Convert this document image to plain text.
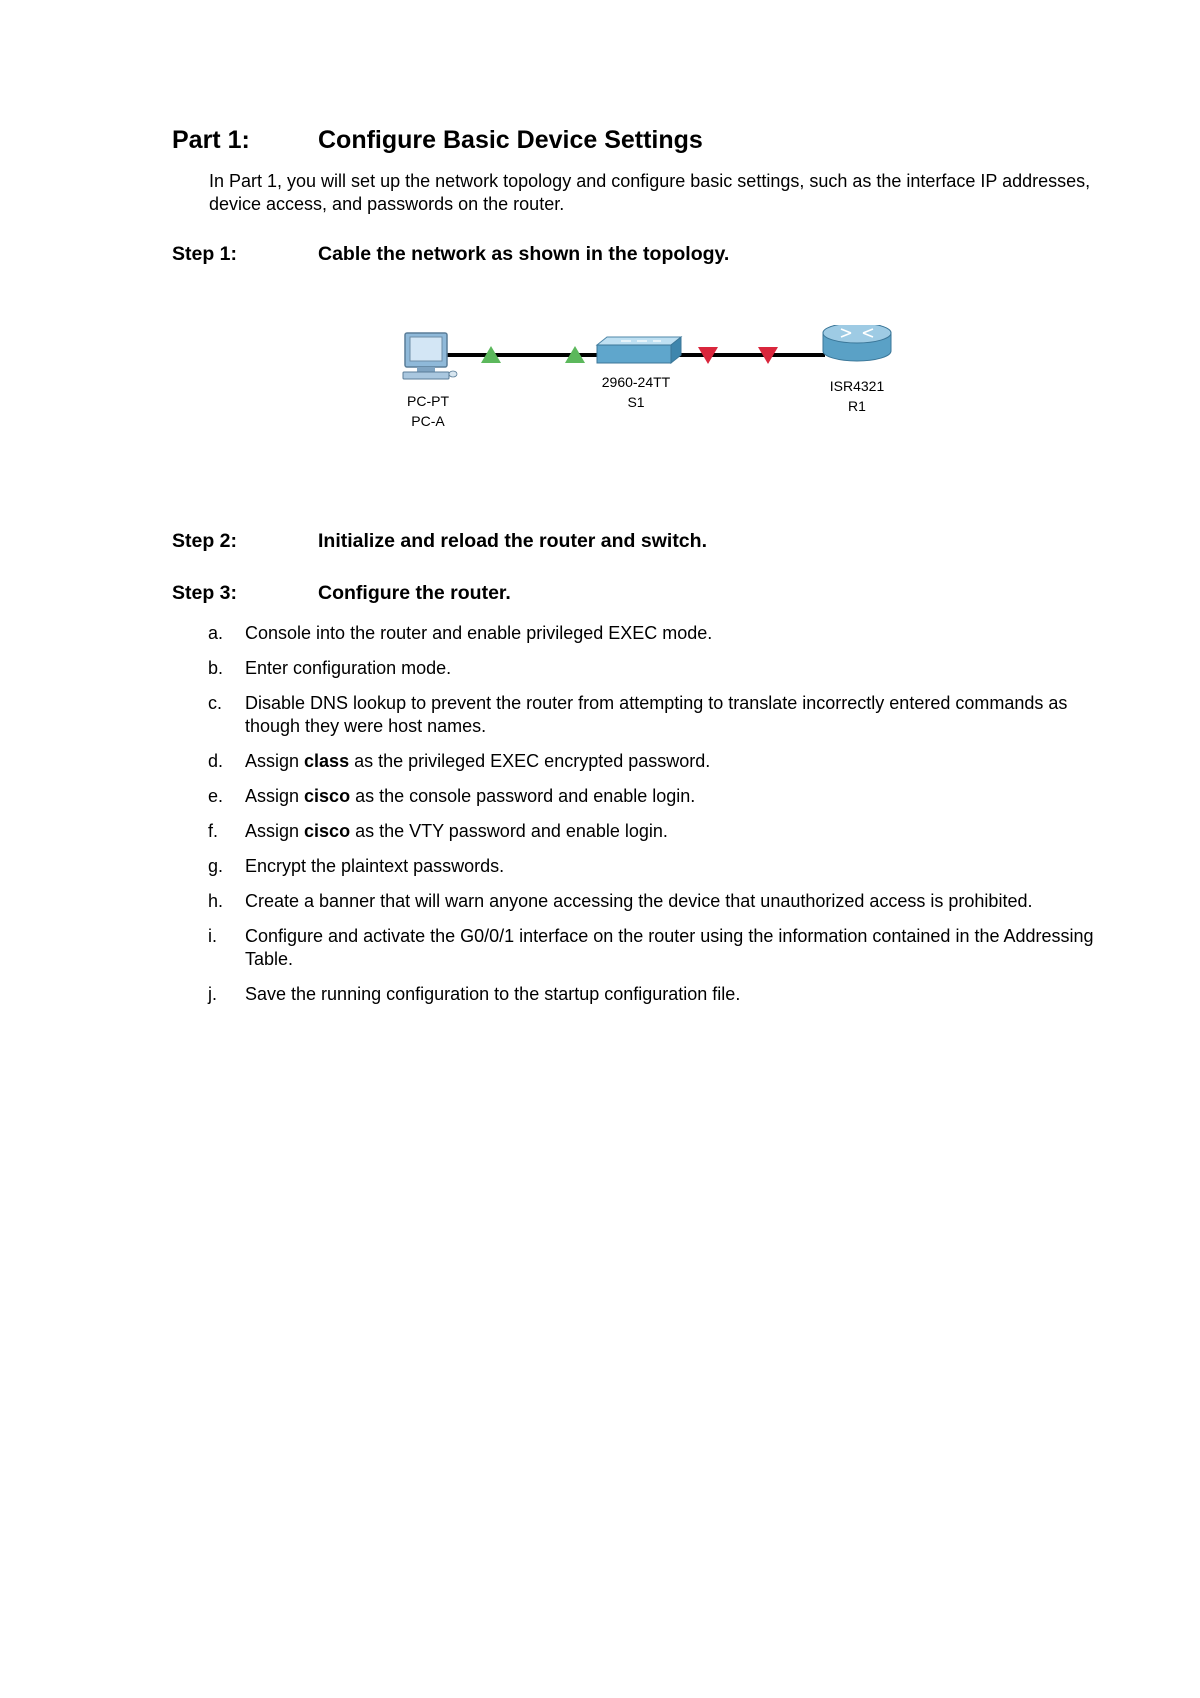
Part 1:	Configure Basic Device Settings
In Part 1, you will set up the network topology and configure basic settings, such as the interface IP addresses, device access, and passwords on the router.
Step 1:	Cable the network as shown in the topology.
PC-PT
PC-A
2960-24TT
S1
ISR4321
R1
Step 2:	Initialize and reload the router and switch.
Step 3:	Configure the router.
a. Console into the router and enable privileged EXEC mode.
b. Enter configuration mode.
c. Disable DNS lookup to prevent the router from attempting to translate incorrectly entered commands as though they were host names.
d. Assign class as the privileged EXEC encrypted password.
e. Assign cisco as the console password and enable login.
f. Assign cisco as the VTY password and enable login.
g. Encrypt the plaintext passwords.
h. Create a banner that will warn anyone accessing the device that unauthorized access is prohibited.
i. Configure and activate the G0/0/1 interface on the router using the information contained in the Addressing Table.
j. Save the running configuration to the startup configuration file.
